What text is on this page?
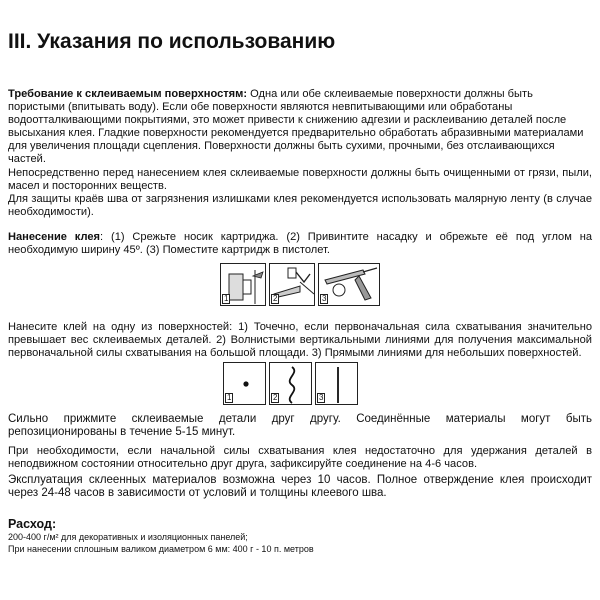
III. Указания по использованию

Требование к склеиваемым поверхностям: Одна или обе склеиваемые поверхности должны быть пористыми (впитывать воду). Если обе поверхности являются невпитывающими или обработаны водоотталкивающими покрытиями, это может привести к снижению адгезии и расклеиванию деталей после высыхания клея. Гладкие поверхности рекомендуется предварительно обработать абразивными материалами для увеличения площади сцепления. Поверхности должны быть сухими, прочными, без отслаивающихся частей.

Непосредственно перед нанесением клея склеиваемые поверхности должны быть очищенными от грязи, пыли, масел и посторонних веществ.

Для защиты краёв шва от загрязнения излишками клея рекомендуется использовать малярную ленту (в случае необходимости).

Нанесение клея: (1) Срежьте носик картриджа. (2) Привинтите насадку и обрежьте её под углом на необходимую ширину 45º. (3) Поместите картридж в пистолет.

1	2	3

Нанесите клей на одну из поверхностей: 1) Точечно, если первоначальная сила схватывания значительно превышает вес склеиваемых деталей. 2) Волнистыми вертикальными линиями для получения максимальной первоначальной силы схватывания на большой площади. 3) Прямыми линиями для небольших поверхностей.

1	2	3

Сильно прижмите склеиваемые детали друг другу. Соединённые материалы могут быть репозиционированы в течение 5-15 минут.

При необходимости, если начальной силы схватывания клея недостаточно для удержания деталей в неподвижном состоянии относительно друг друга, зафиксируйте соединение на 4-6 часов.

Эксплуатация склеенных материалов возможна через 10 часов. Полное отверждение клея происходит через 24-48 часов в зависимости от условий и толщины клеевого шва.

Расход:

200-400 г/м² для декоративных и изоляционных панелей;

При нанесении сплошным валиком диаметром 6 мм: 400 г - 10 п. метров
